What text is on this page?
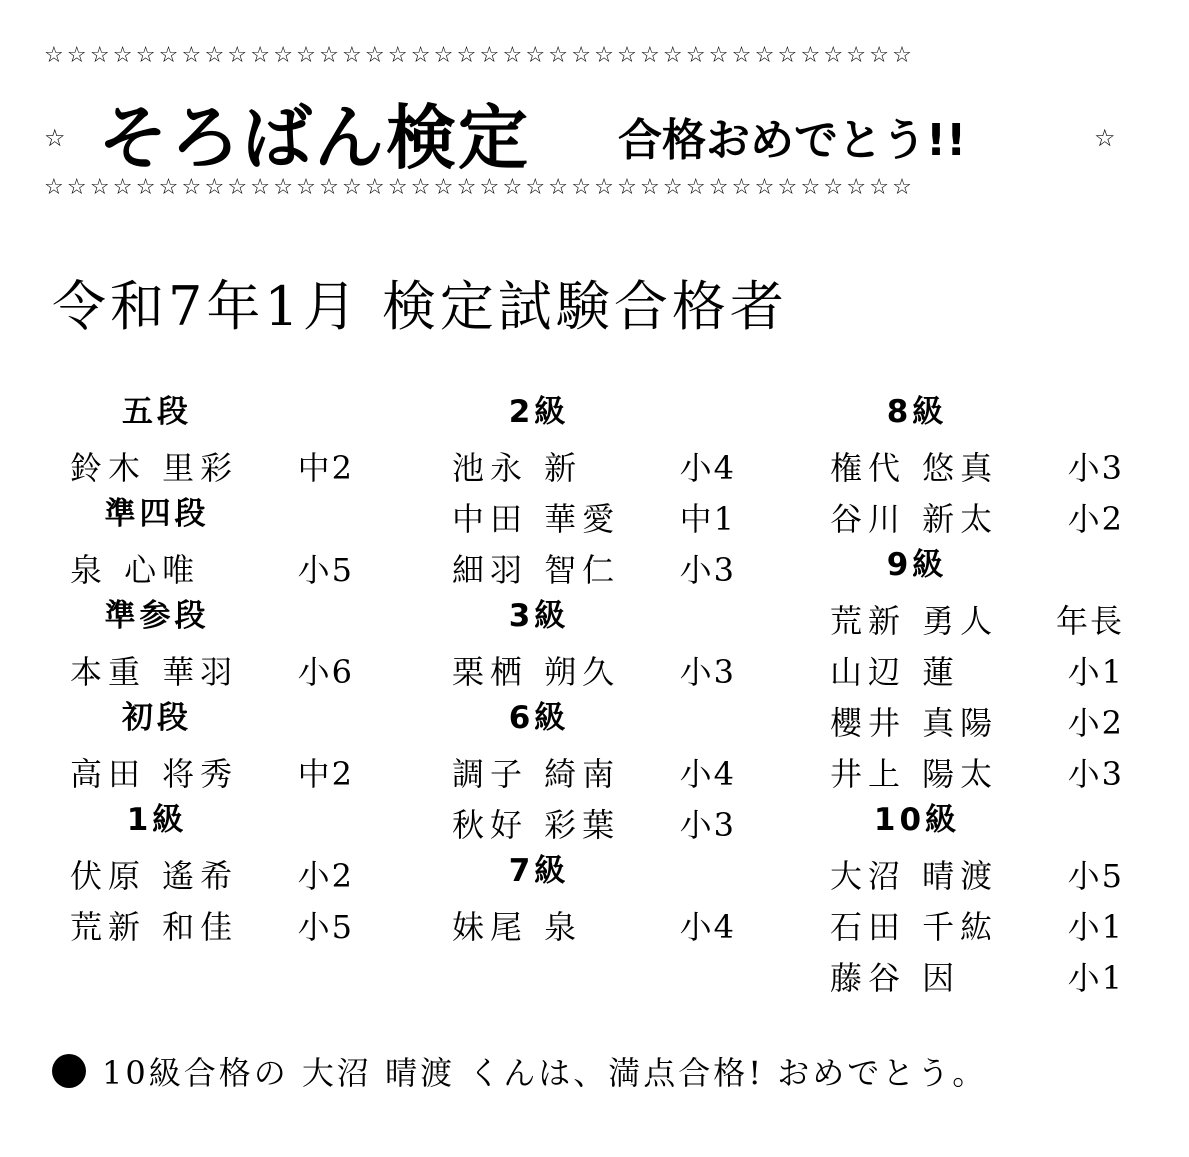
☆☆☆☆☆☆☆☆☆☆☆☆☆☆☆☆☆☆☆☆☆☆☆☆☆☆☆☆☆☆☆☆☆☆☆☆☆☆
☆ そろばん検定 合格おめでとう!!	☆
☆☆☆☆☆☆☆☆☆☆☆☆☆☆☆☆☆☆☆☆☆☆☆☆☆☆☆☆☆☆☆☆☆☆☆☆☆☆
令和7年1月 検定試験合格者
五段
鈴木 里彩 中2
準四段
泉 心唯	小5
準参段
本重 華羽 小6
初段
高田 将秀 中2
1級
伏原 遙希 小2
荒新 和佳 小5
2級
池永 新	小4
中田 華愛 中1
細羽 智仁 小3
3級
栗栖 朔久 小3
6級
調子 綺南 小4
秋好 彩葉 小3
7級
妹尾 泉	小4
8級
権代 悠真 小3
谷川 新太 小2
9級
荒新 勇人 年長
山辺 蓮	小1
櫻井 真陽 小2
井上 陽太 小3
10級
大沼 晴渡 小5
石田 千紘 小1
藤谷 因	小1
10級合格の 大沼 晴渡 くんは、満点合格! おめでとう。
